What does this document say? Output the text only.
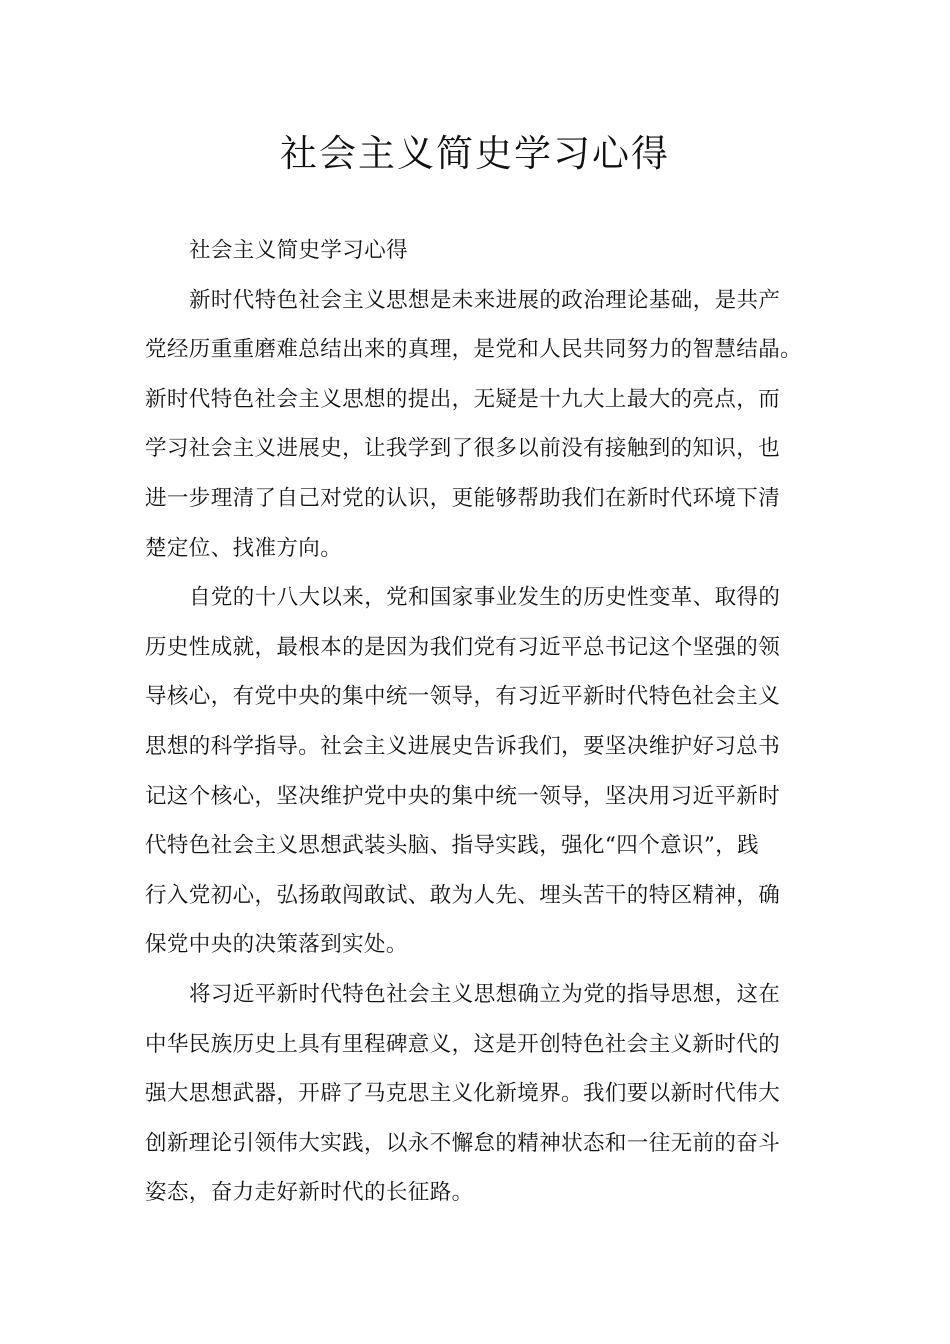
社会主义简史学习心得
社会主义简史学习心得
新时代特色社会主义思想是未来进展的政治理论基础，是共产
党经历重重磨难总结出来的真理，是党和人民共同努力的智慧结晶。
新时代特色社会主义思想的提出，无疑是十九大上最大的亮点，而
学习社会主义进展史，让我学到了很多以前没有接触到的知识，也
进一步理清了自己对党的认识，更能够帮助我们在新时代环境下清
楚定位、找准方向。
自党的十八大以来，党和国家事业发生的历史性变革、取得的
历史性成就，最根本的是因为我们党有习近平总书记这个坚强的领
导核心，有党中央的集中统一领导，有习近平新时代特色社会主义
思想的科学指导。社会主义进展史告诉我们，要坚决维护好习总书
记这个核心，坚决维护党中央的集中统一领导，坚决用习近平新时
代特色社会主义思想武装头脑、指导实践，强化“四个意识”，践
行入党初心，弘扬敢闯敢试、敢为人先、埋头苦干的特区精神，确
保党中央的决策落到实处。
将习近平新时代特色社会主义思想确立为党的指导思想，这在
中华民族历史上具有里程碑意义，这是开创特色社会主义新时代的
强大思想武器，开辟了马克思主义化新境界。我们要以新时代伟大
创新理论引领伟大实践，以永不懈怠的精神状态和一往无前的奋斗
姿态，奋力走好新时代的长征路。
